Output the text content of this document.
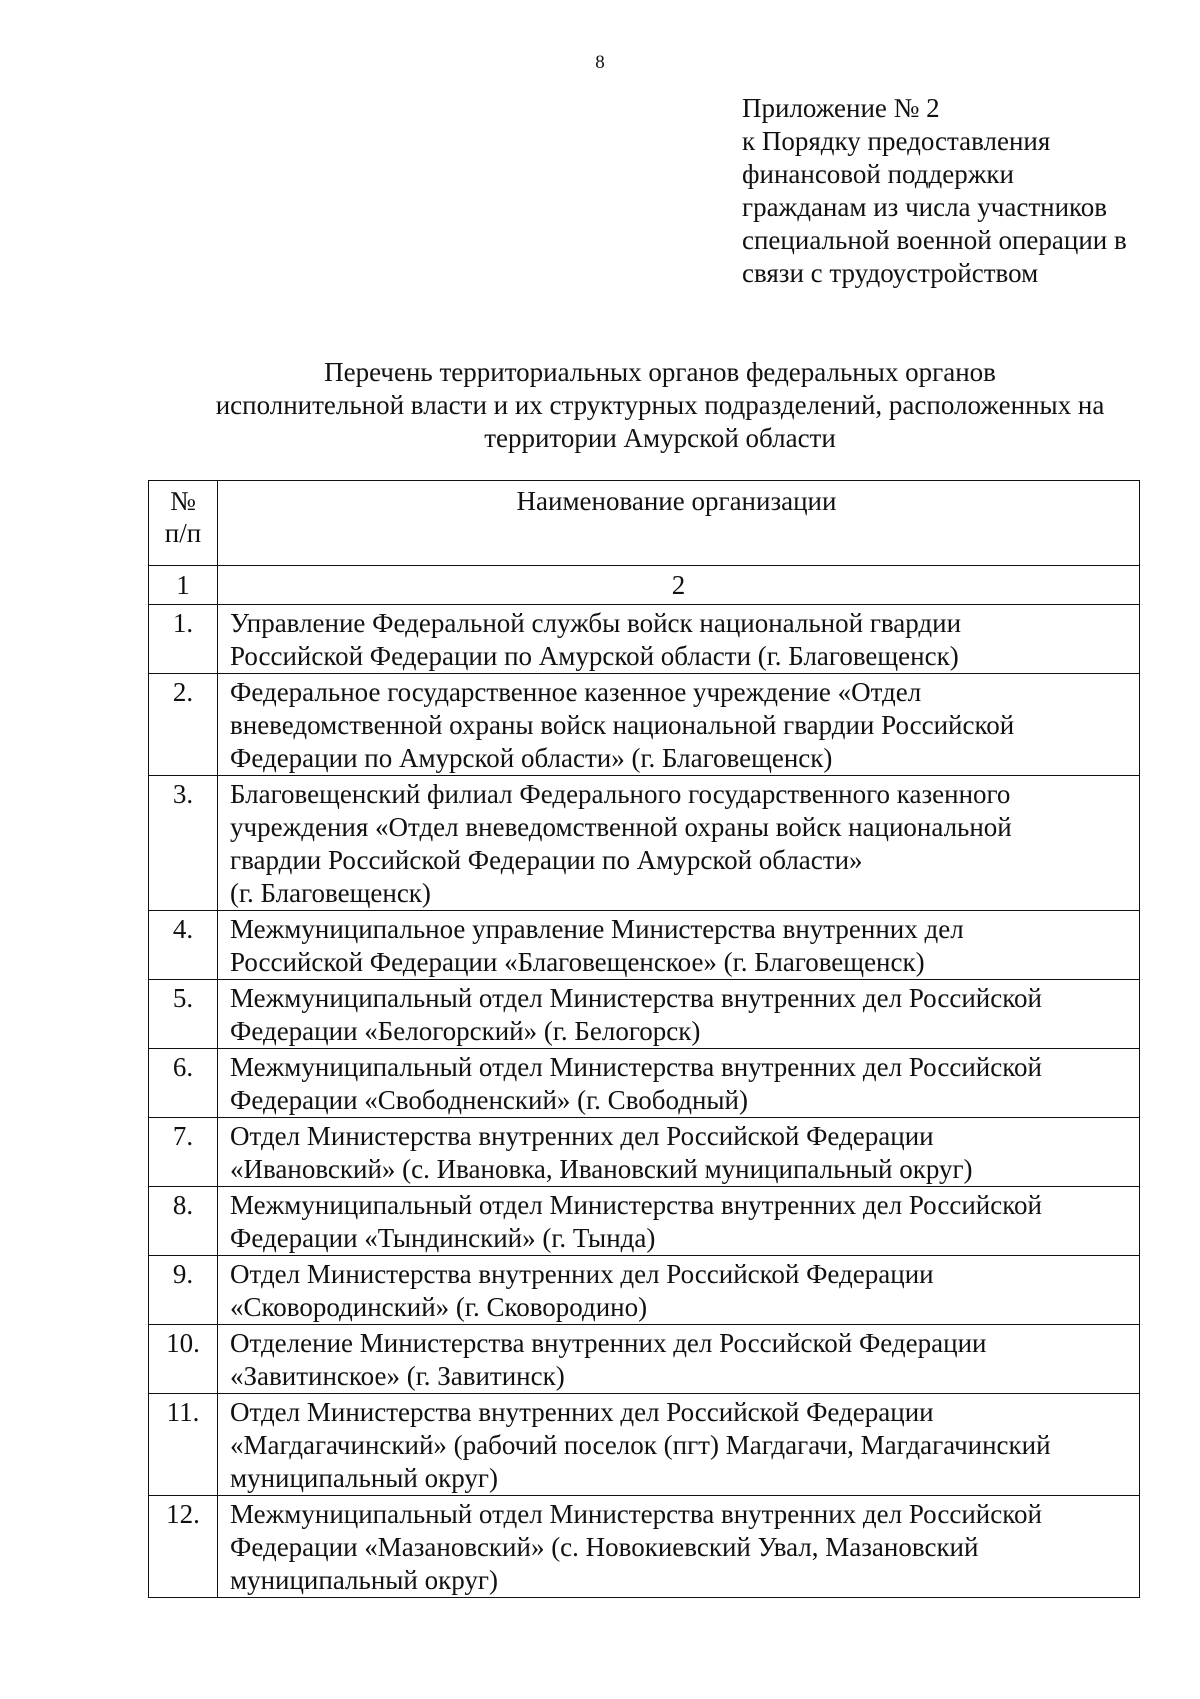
8
Приложение № 2
к Порядку предоставления
финансовой поддержки
гражданам из числа участников
специальной военной операции в
связи с трудоустройством
Перечень территориальных органов федеральных органов
исполнительной власти и их структурных подразделений, расположенных на
территории Амурской области
№
п/п	Наименование организации
1	2
1.	Управление Федеральной службы войск национальной гвардии
Российской Федерации по Амурской области (г. Благовещенск)

2.	Федеральное государственное казенное учреждение «Отдел
вневедомственной охраны войск национальной гвардии Российской
Федерации по Амурской области» (г. Благовещенск)

3.	Благовещенский филиал Федерального государственного казенного
учреждения «Отдел вневедомственной охраны войск национальной
гвардии Российской Федерации по Амурской области»
(г. Благовещенск)

4.	Межмуниципальное управление Министерства внутренних дел
Российской Федерации «Благовещенское» (г. Благовещенск)

5.	Межмуниципальный отдел Министерства внутренних дел Российской
Федерации «Белогорский» (г. Белогорск)

6.	Межмуниципальный отдел Министерства внутренних дел Российской
Федерации «Свободненский» (г. Свободный)

7.	Отдел Министерства внутренних дел Российской Федерации
«Ивановский» (с. Ивановка, Ивановский муниципальный округ)

8.	Межмуниципальный отдел Министерства внутренних дел Российской
Федерации «Тындинский» (г. Тында)

9.	Отдел Министерства внутренних дел Российской Федерации
«Сковородинский» (г. Сковородино)

10.	Отделение Министерства внутренних дел Российской Федерации
«Завитинское» (г. Завитинск)

11.	Отдел Министерства внутренних дел Российской Федерации
«Магдагачинский» (рабочий поселок (пгт) Магдагачи, Магдагачинский
муниципальный округ)

12.	Межмуниципальный отдел Министерства внутренних дел Российской
Федерации «Мазановский» (с. Новокиевский Увал, Мазановский
муниципальный округ)
